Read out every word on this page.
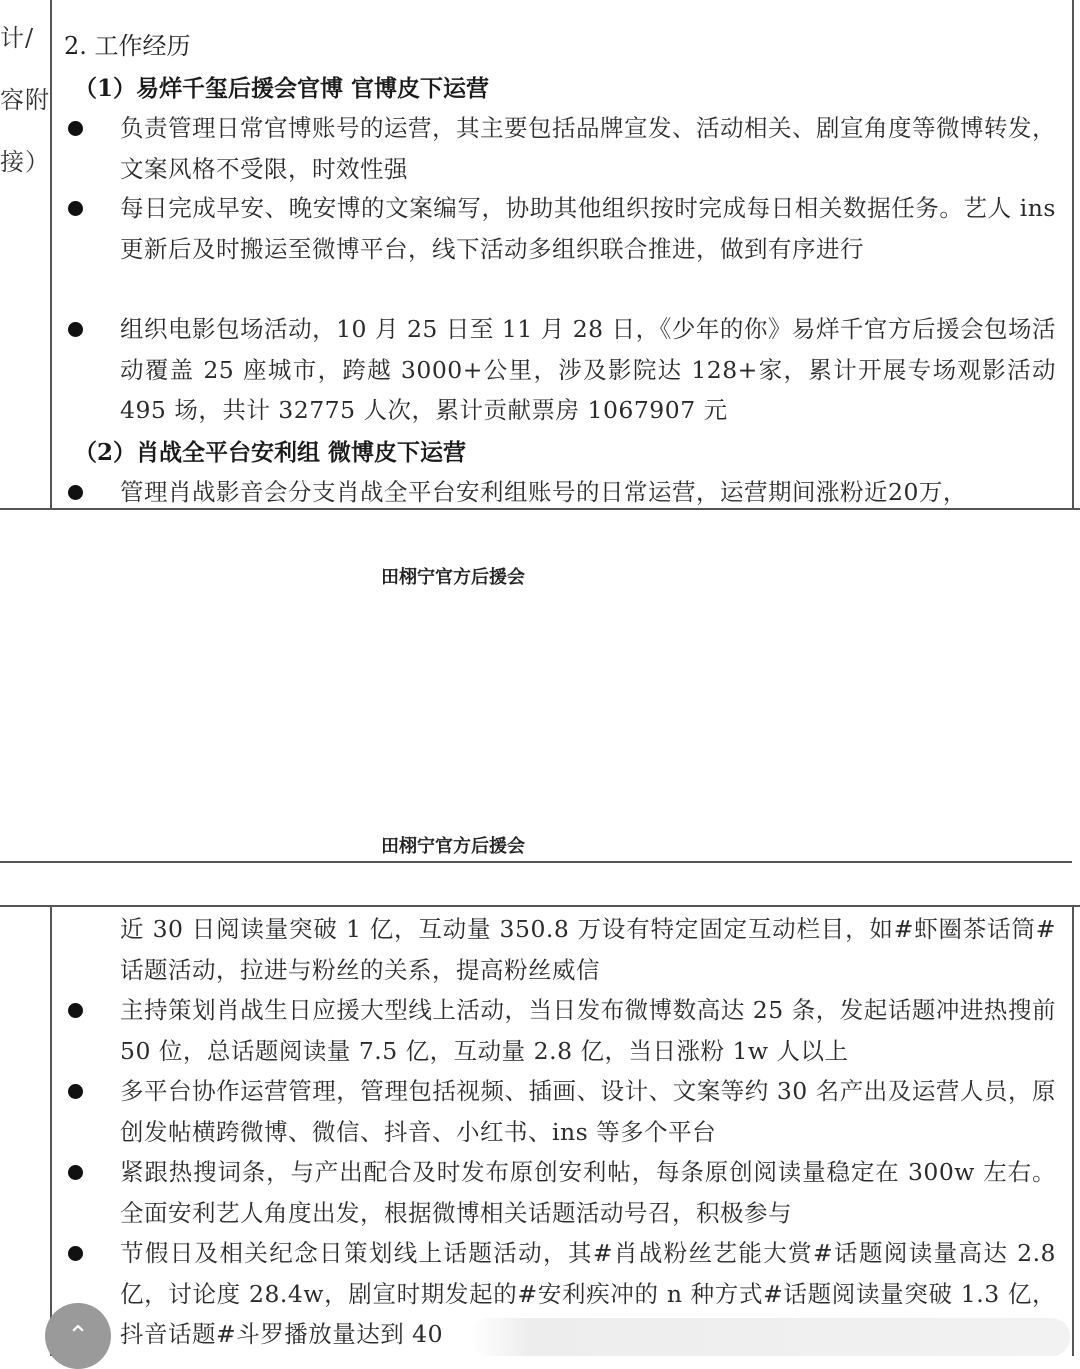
计/
容附
接）
2. 工作经历
（1）易烊千玺后援会官博 官博皮下运营
负责管理日常官博账号的运营，其主要包括品牌宣发、活动相关、剧宣角度等微博转发，文案风格不受限，时效性强
每日完成早安、晚安博的文案编写，协助其他组织按时完成每日相关数据任务。艺人 ins 更新后及时搬运至微博平台，线下活动多组织联合推进，做到有序进行
组织电影包场活动，10 月 25 日至 11 月 28 日，《少年的你》易烊千官方后援会包场活动覆盖 25 座城市，跨越 3000+公里，涉及影院达 128+家，累计开展专场观影活动 495 场，共计 32775 人次，累计贡献票房 1067907 元
（2）肖战全平台安利组 微博皮下运营
管理肖战影音会分支肖战全平台安利组账号的日常运营，运营期间涨粉近20万，
田栩宁官方后援会
田栩宁官方后援会
近 30 日阅读量突破 1 亿，互动量 350.8 万设有特定固定互动栏目，如#虾圈茶话筒#话题活动，拉进与粉丝的关系，提高粉丝威信
主持策划肖战生日应援大型线上活动，当日发布微博数高达 25 条，发起话题冲进热搜前 50 位，总话题阅读量 7.5 亿，互动量 2.8 亿，当日涨粉 1w 人以上
多平台协作运营管理，管理包括视频、插画、设计、文案等约 30 名产出及运营人员，原创发帖横跨微博、微信、抖音、小红书、ins 等多个平台
紧跟热搜词条，与产出配合及时发布原创安利帖，每条原创阅读量稳定在 300w 左右。全面安利艺人角度出发，根据微博相关话题活动号召，积极参与
节假日及相关纪念日策划线上话题活动，其#肖战粉丝艺能大赏#话题阅读量高达 2.8 亿，讨论度 28.4w，剧宣时期发起的#安利疾冲的 n 种方式#话题阅读量突破 1.3 亿，抖音话题#斗罗播放量达到 40
⌃
